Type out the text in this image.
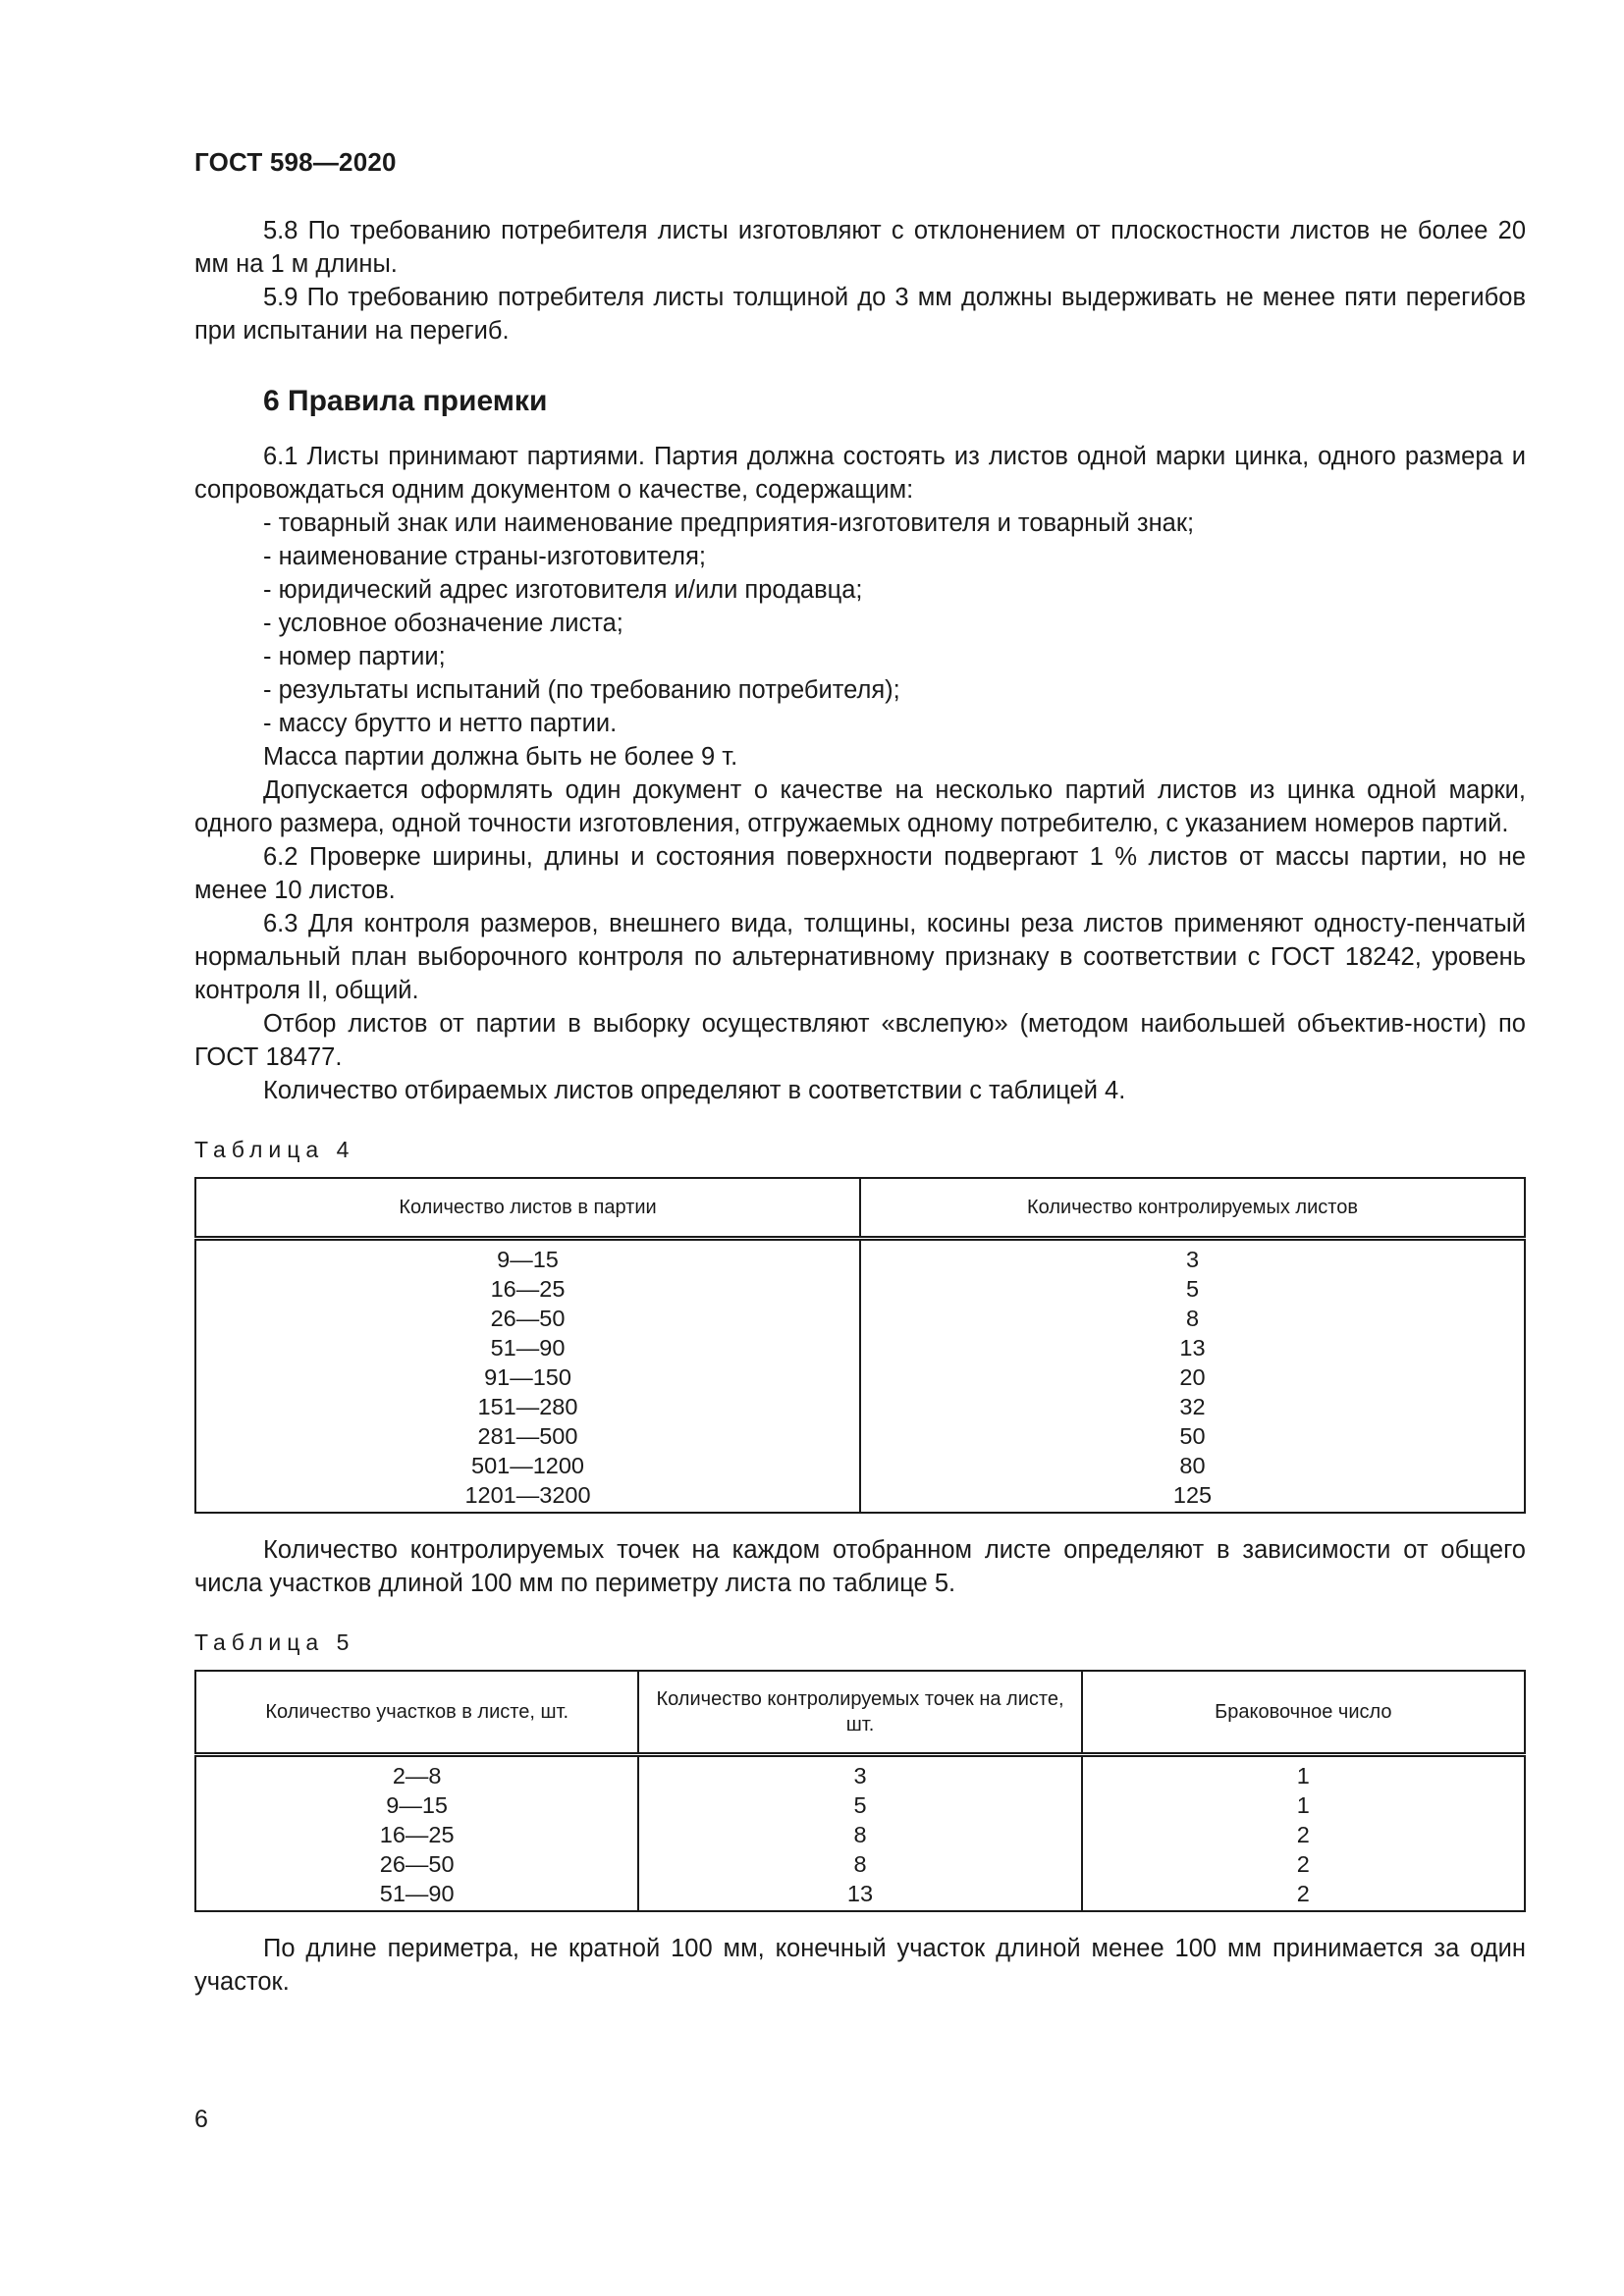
ГОСТ 598—2020

5.8 По требованию потребителя листы изготовляют с отклонением от плоскостности листов не более 20 мм на 1 м длины.

5.9 По требованию потребителя листы толщиной до 3 мм должны выдерживать не менее пяти перегибов при испытании на перегиб.

6 Правила приемки

6.1 Листы принимают партиями. Партия должна состоять из листов одной марки цинка, одного размера и сопровождаться одним документом о качестве, содержащим:

- товарный знак или наименование предприятия-изготовителя и товарный знак;

- наименование страны-изготовителя;

- юридический адрес изготовителя и/или продавца;

- условное обозначение листа;

- номер партии;

- результаты испытаний (по требованию потребителя);

- массу брутто и нетто партии.

Масса партии должна быть не более 9 т.

Допускается оформлять один документ о качестве на несколько партий листов из цинка одной марки, одного размера, одной точности изготовления, отгружаемых одному потребителю, с указанием номеров партий.

6.2 Проверке ширины, длины и состояния поверхности подвергают 1 % листов от массы партии, но не менее 10 листов.

6.3 Для контроля размеров, внешнего вида, толщины, косины реза листов применяют односту-пенчатый нормальный план выборочного контроля по альтернативному признаку в соответствии с ГОСТ 18242, уровень контроля II, общий.

Отбор листов от партии в выборку осуществляют «вслепую» (методом наибольшей объектив-ности) по ГОСТ 18477.

Количество отбираемых листов определяют в соответствии с таблицей 4.

Таблица 4
Количество листов в партии	Количество контролируемых листов
9—15	3
16—25	5
26—50	8
51—90	13
91—150	20
151—280	32
281—500	50
501—1200	80
1201—3200	125

Количество контролируемых точек на каждом отобранном листе определяют в зависимости от общего числа участков длиной 100 мм по периметру листа по таблице 5.

Таблица 5
Количество участков в листе, шт.	Количество контролируемых точек на листе, шт.	Браковочное число
2—8	3	1
9—15	5	1
16—25	8	2
26—50	8	2
51—90	13	2

По длине периметра, не кратной 100 мм, конечный участок длиной менее 100 мм принимается за один участок.

6
